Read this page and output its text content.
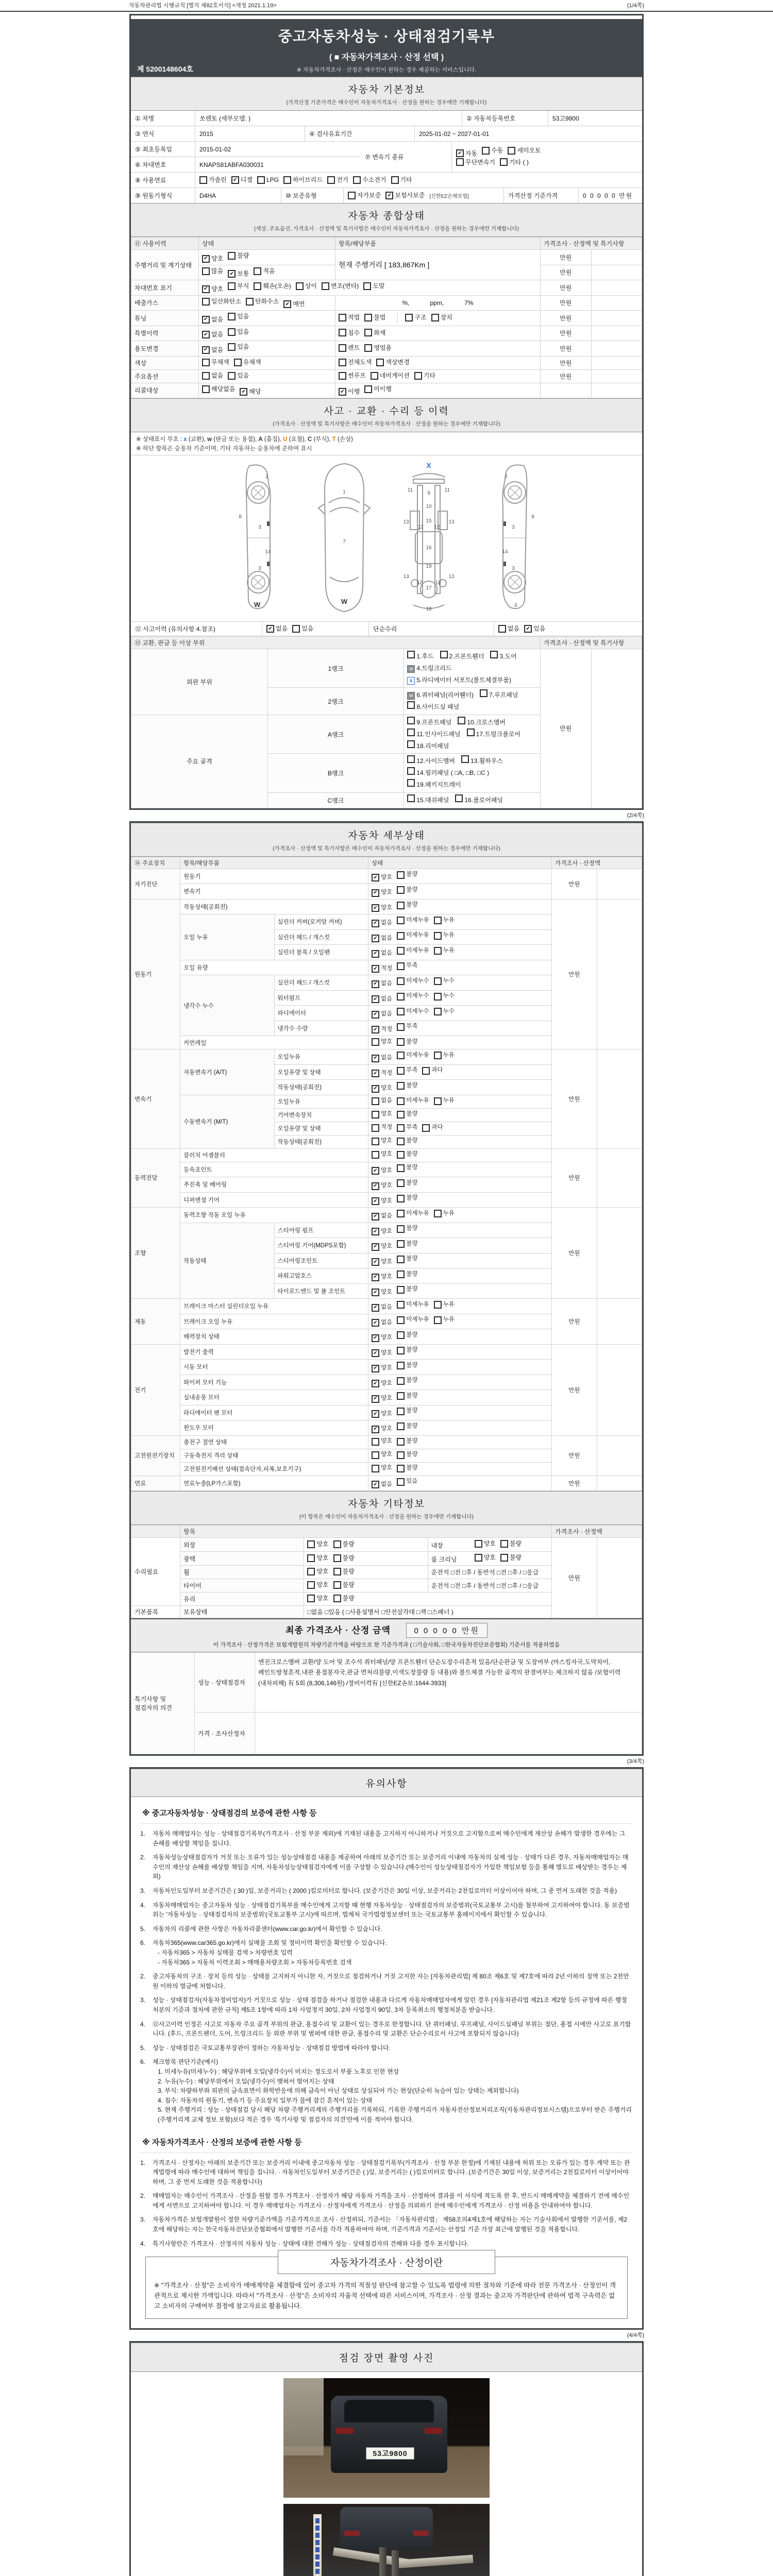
자동차관리법 시행규칙 [별지 제82호서식] <개정 2021.1.19>	(1/4쪽)
중고자동차성능 · 상태점검기록부
( ■ 자동차가격조사 · 산정 선택 )
※ 자동차가격조사 · 산정은 매수인이 원하는 경우 제공하는 서비스입니다.
제 5200148604호
자동차 기본정보
(가격산정 기준가격은 매수인이 자동차가격조사 · 산정을 원하는 경우에만 기재합니다)
① 차명	쏘렌토 (세부모델: )	② 자동차등록번호	53고9800
③ 연식	2015	④ 검사유효기간	2025-01-02 ~ 2027-01-01
⑤ 최초등록일	2015-01-02
⑥ 차대번호	KNAPS81ABFA030031
⑦ 변속기 종류
✔ 자동 수동 세미오토
무단변속기 기타 ( )
⑧ 사용연료	가솔린	✔ 디젤 LPG 하이브리드 전기 수소전기 기타
⑨ 원동기형식	D4HA	⑩ 보증유형	자가보증	✔ 보험사보증 [신한EZ손해보험]	가격산정 기준가격	0 0 0 0 0 만원
자동차 종합상태
(색상, 주요옵션, 가격조사 · 산정액 및 특기사항은 매수인이 자동차가격조사 · 산정을 원하는 경우에만 기재합니다)
⑪ 사용이력	상태	항목/해당부품	가격조사 · 산정액 및 특기사항	
주행거리 및 계기상태	✔ 양호 불량	현재 주행거리 [ 183,867Km ]	만원	

	많음 ✔ 보통 적음		만원	
차대번호 표기	✔ 양호 부식 훼손(오손) 상이 변조(변타) 도말	만원	
배출가스	일산화탄소 탄화수소 ✔ 매연	%,            ppm,            7%	만원	
튜닝	✔ 없음 있음	적법 불법 구조 장치	만원	
특별이력	✔ 없음 있음	침수 화재	만원	
용도변경	✔ 없음 있음	렌트 영업용	만원	
색상	무채색 유채색	전체도색 색상변경	만원	
주요옵션	없음 있음	썬루프 네비게이션 기타	만원	
리콜대상	해당없음 ✔ 해당	✔ 이행 미이행		

사고 · 교환 · 수리 등 이력
(가격조사 · 산정액 및 특기사항은 매수인이 자동차가격조사 · 산정을 원하는 경우에만 기재합니다)
※ 상태표시 부호 : x (교환), w (판금 또는 용접), A (흠집), U (요철), C (부식), T (손상)
※ 하단 항목은 승용차 기준이며, 기타 자동차는 승용차에 준하여 표시
2
8
3
14
3
W
1
7
W
X
11
9
11
10
13
12 12
13
15
16
19
13
12
17
12
13
18
2
3
8
14
3
6
⑫ 사고이력 (유의사항 4.참조)	✔ 없음 있음	단순수리	없음	✔ 있음
⑬ 교환, 판금 등 이상 부위			가격조사 · 산정액 및 특기사항	
외판 부위	1랭크	1.후드 2.프론트휀더 3.도어w 4.트렁크리드
x 5.라디에이터 서포트(볼트체결부품)	만원	
	2랭크	w 6.쿼터패널(리어휀더) 7.루프패널8.사이드실 패널		
주요 골격	A랭크	9.프론트패널 10.크로스멤버11.인사이드패널 17.트렁크플로어
18.리어패널		
	B랭크	12.사이드멤버 13.휠하우스14.필러패널 ( □A, □B, □C )
19.패키지트레이		
	C랭크	15.대쉬패널 16.플로어패널		
(2/4쪽)
자동차 세부상태
(가격조사 · 산정액 및 특기사항은 매수인이 자동차가격조사 · 산정을 원하는 경우에만 기재합니다)
⑭ 주요장치	항목/해당부품		상태	가격조사 · 산정액	
자기진단	원동기		✔ 양호 불량	만원	
	변속기		✔ 양호 불량		

원동기	작동상태(공회전)		✔ 양호 불량	만원	
	오일 누유	실린더 커버(로커암 커버)	✔ 없음 미세누유 누유		

		실린더 헤드 / 개스킷	✔ 없음 미세누유 누유		

		실린더 블록 / 오일팬	✔ 없음 미세누유 누유		

	오일 유량		✔ 적정 부족		

	냉각수 누수	실린더 헤드 / 개스킷	✔ 없음 미세누수 누수		

		워터펌프	✔ 없음 미세누수 누수		

		라디에이터	✔ 없음 미세누수 누수		

		냉각수 수량	✔ 적정 부족		

	커먼레일		양호 불량		

변속기	자동변속기 (A/T)	오일누유	✔ 없음 미세누유 누유	만원	
		오일유량 및 상태	✔ 적정 부족 과다		

		작동상태(공회전)	✔ 양호 불량		

	수동변속기 (M/T)	오일누유	없음 미세누유 누유		

		기어변속장치	양호 불량		

		오일유량 및 상태	적정 부족 과다		

		작동상태(공회전)	양호 불량		

동력전달	클러치 어셈블리		양호 불량	만원	
	등속죠인트		✔ 양호 불량		

	추진축 및 베어링		✔ 양호 불량		

	디퍼렌셜 기어		✔ 양호 불량		

조향	동력조향 작동 오일 누유		✔ 없음 미세누유 누유	만원	
	작동상태	스티어링 펌프	✔ 양호 불량		

		스티어링 기어(MDPS포함)	✔ 양호 불량		

		스티어링조인트	✔ 양호 불량		

		파워고압호스	✔ 양호 불량		

		타이로드엔드 및 볼 조인트	✔ 양호 불량		

제동	브레이크 마스터 실린더오일 누유		✔ 없음 미세누유 누유	만원	
	브레이크 오일 누유		✔ 없음 미세누유 누유		

	배력장치 상태		✔ 양호 불량		

전기	발전기 출력		✔ 양호 불량	만원	
	시동 모터		✔ 양호 불량		

	와이퍼 모터 기능		✔ 양호 불량		

	실내송풍 모터		✔ 양호 불량		

	라디에이터 팬 모터		✔ 양호 불량		

	윈도우 모터		✔ 양호 불량		

고전원전기장치	충전구 절연 상태		양호 불량	만원	
	구동축전지 격리 상태		양호 불량		

	고전원전기배선 상태(접속단자,피복,보호기구)		양호 불량		

연료	연료누출(LP가스포함)		✔ 없음 있음	만원	
자동차 기타정보
(이 항목은 매수인이 자동차가격조사 · 산정을 원하는 경우에만 기재합니다)
	항목			가격조사 · 산정액	
수리필요	외장	양호 불량	내장 양호 불량	만원	
	광택	양호 불량	룸 크리닝 양호 불량		

	휠	양호 불량	운전석 □전 □후 / 동반석 □전 □후 / □응급		
	타이어	양호 불량	운전석 □전 □후 / 동반석 □전 □후 / □응급		
	유리	양호 불량			

기본품목	보유상태	□없음 □있음 ( □사용설명서 □안전삼각대 □잭 □스패너 )			
최종 가격조사 · 산정 금액	0 0 0 0 0 만원
이 가격조사 · 산정가격은 보험개발원의 차량기준가액을 바탕으로 한 기준가격과 ( □기술사회, □한국자동차진단보증협회) 기준서를 적용하였음
특기사항 및 점검자의 의견	성능 · 상태점검자	엔진크로스멤버 교환/양 도어 및 조수석 쿼터패널/양 프론트휀더 단순도장수리흔적 있음/단순판금 및 도장여부 (마스킹자국,도막차이,페인트방청흔적,내판 용접봉자국,판금 면처리불량,이색도장불량 등 내용)와 볼트체결 가능한 골격의 판결여부는 체크하지 않음 /보험이력(내차피해) 有 5회 (8,306,146원) /정비이력有 [신한EZ손보:1644-3933]
	가격 · 조사산정자	
(3/4쪽)
유의사항
※ 중고자동차성능 · 상태점검의 보증에 관한 사항 등
1.	자동차 매매업자는 성능 · 상태점검기록부(가격조사 · 산정 부분 제외)에 기재된 내용을 고지하지 아니하거나 거짓으로 고지함으로써 매수인에게 재산상 손해가 발생한 경우에는 그 손해를 배상할 책임을 집니다.
2.	자동차성능상태점검자가 거짓 또는 오류가 있는 성능상태점검 내용을 제공하여 아래의 보증기간 또는 보증거리 이내에 자동차의 실제 성능 · 상태가 다른 경우, 자동차매매업자는 매수인의 재산상 손해를 배상할 책임을 지며, 자동차성능상태점검자에게 이를 구상할 수 있습니다.(매수인이 성능상태점검자가 가입한 책임보험 등을 통해 별도로 배상받는 경우는 제외)
3.	자동차인도일부터 보증기간은 ( 30 )일, 보증거리는 ( 2000 )킬로미터로 합니다. (보증기간은 30일 이상, 보증거리는 2천킬로미터 이상이어야 하며, 그 중 먼저 도래한 것을 적용)
4.	자동차매매업자는 중고자동차 성능 · 상태점검기록부를 매수인에게 고지할 때 현행 자동차성능 · 상태점검자의 보증범위(국토교통부 고시)를 첨부하여 고지하여야 합니다. 동 보증범위는 '자동차성능 · 상태점검자의 보증범위'(국토교통부 고시)에 따르며, 법제처 국가법령정보센터 또는 국토교통부 홈페이지에서 확인할 수 있습니다.
5.	자동차의 리콜에 관한 사항은 자동차리콜센터(www.car.go.kr)에서 확인할 수 있습니다.
6.	자동차365(www.car365.go.kr)에서 실매물 조회 및 정비이력 확인을 확인할 수 있습니다.
- 자동차365 > 자동차 실매물 검색 > 차량번호 입력
- 자동차365 > 자동차 이력조회 > 매매용차량조회 > 자동차등록번호 검색
2.	중고자동차의 구조 · 장치 등의 성능 · 상태를 고지하지 아니한 자, 거짓으로 점검하거나 거짓 고지한 자는 [자동차관리법] 제 80조 제6호 및 제7호에 따라 2년 이하의 징역 또는 2천만원 이하의 벌금에 처합니다.
3.	성능 · 상태점검자(자동차정비업자)가 거짓으로 성능 · 상태 점검을 하거나 점검한 내용과 다르게 자동차매매업자에게 알린 경우 [자동차관리법 제21조 제2항 등의 규정에 따른 행정처분의 기준과 절차에 관한 규칙] 제5조 1항에 따라 1차 사업정지 30일, 2차 사업정지 90일, 3차 등록취소의 행정처분을 받습니다.
4.	⑫사고이력 인정은 사고로 자동차 주요 골격 부위의 판금, 용접수리 및 교환이 있는 경우로 한정합니다. 단 쿼터패널, 루프패널, 사이드실패널 부위는 절단, 용접 시에만 사고로 표기합니다. (후드, 프론트펜더, 도어, 트렁크리드 등 외판 부위 및 범퍼에 대한 판금, 용접수리 및 교환은 단순수리로서 사고에 포함되지 않습니다)
5.	성능 · 상태점검은 국토교통부장관이 정하는 자동차성능 · 상태점검 방법에 따라야 합니다.
6.	체크항목 판단기준(예시)
1. 미세누유(미세누수) : 해당부위에 오일(냉각수)이 비치는 정도로서 부품 노후로 인한 현상
2. 누유(누수) : 해당부위에서 오일(냉각수)이 맺혀서 떨어지는 상태
3. 부식: 차량하부와 외판의 금속표면이 화학반응에 의해 금속이 아닌 상태로 상실되어 가는 현상(단순히 녹슬어 있는 상태는 제외합니다)
4. 침수: 자동차의 원동기, 변속기 등 주요장치 일부가 물에 잠긴 흔적이 있는 상태
5. 현재 주행거리 : 성능 · 상태점검 당시 해당 차량 주행거리계의 주행거리를 기록하되, 기록한 주행거리가 자동차전산정보처리조직(자동차관리정보시스템)으로부터 받은 주행거리(주행거리계 교체 정보 포함)보다 적은 경우 '특기사항 및 점검자의 의견'란에 이를 적어야 합니다.
※ 자동차가격조사 · 산정의 보증에 관한 사항 등
1.	가격조사 · 산정자는 아래의 보증기간 또는 보증거리 이내에 중고자동차 성능 · 상태점검기록부(가격조사 · 산정 부분 한정)에 기재된 내용에 허위 또는 오류가 있는 경우 계약 또는 관계법령에 따라 매수인에 대하여 책임을 집니다. · 자동차인도일부터 보증기간은 ( )일, 보증거리는 ( )킬로미터로 합니다. (보증기간은 30일 이상, 보증거리는 2천킬로미터 이상이어야 하며, 그 중 먼저 도래한 것을 적용합니다)
2.	매매업자는 매수인이 가격조사 · 산정을 원할 경우 가격조사 · 산정자가 해당 자동차 가격을 조사 · 산정하여 결과를 이 서식에 적도록 한 후, 반드시 매매계약을 체결하기 전에 매수인에게 서면으로 고지하여야 합니다. 이 경우 매매업자는 가격조사 · 산정자에게 가격조사 · 산정을 의뢰하기 전에 매수인에게 가격조사 · 산정 비용을 안내하여야 합니다.
3.	자동차가격은 보험개발원이 정한 차량기준가액을 기준가격으로 조사 · 산정하되, 기준서는 「자동차관리법」 제58조의4제1호에 해당하는 자는 기술사회에서 발행한 기준서를, 제2호에 해당하는 자는 한국자동차진단보증협회에서 발행한 기준서를 각각 적용하여야 하며, 기준가격과 기준서는 산정일 기준 가장 최근에 발행된 것을 적용합니다.
4.	특기사항란은 가격조사 · 산정자의 자동차 성능 · 상태에 대한 견해가 성능 · 상태점검자의 견해와 다를 경우 표시합니다.
자동차가격조사 · 산정이란
※ "가격조사 · 산정"은 소비자가 매매계약을 체결함에 있어 중고차 가격의 적절성 판단에 참고할 수 있도록 법령에 의한 절차와 기준에 따라 전문 가격조사 · 산정인이 객관적으로 제시한 가액입니다. 따라서 "가격조사 · 산정"은 소비자의 자율적 선택에 따른 서비스이며, 가격조사 · 산정 결과는 중고차 가격판단에 관하여 법적 구속력은 없고 소비자의 구매여부 결정에 참고자료로 활용됩니다.
(4/4쪽)
점검 장면 촬영 사진
53고9800
